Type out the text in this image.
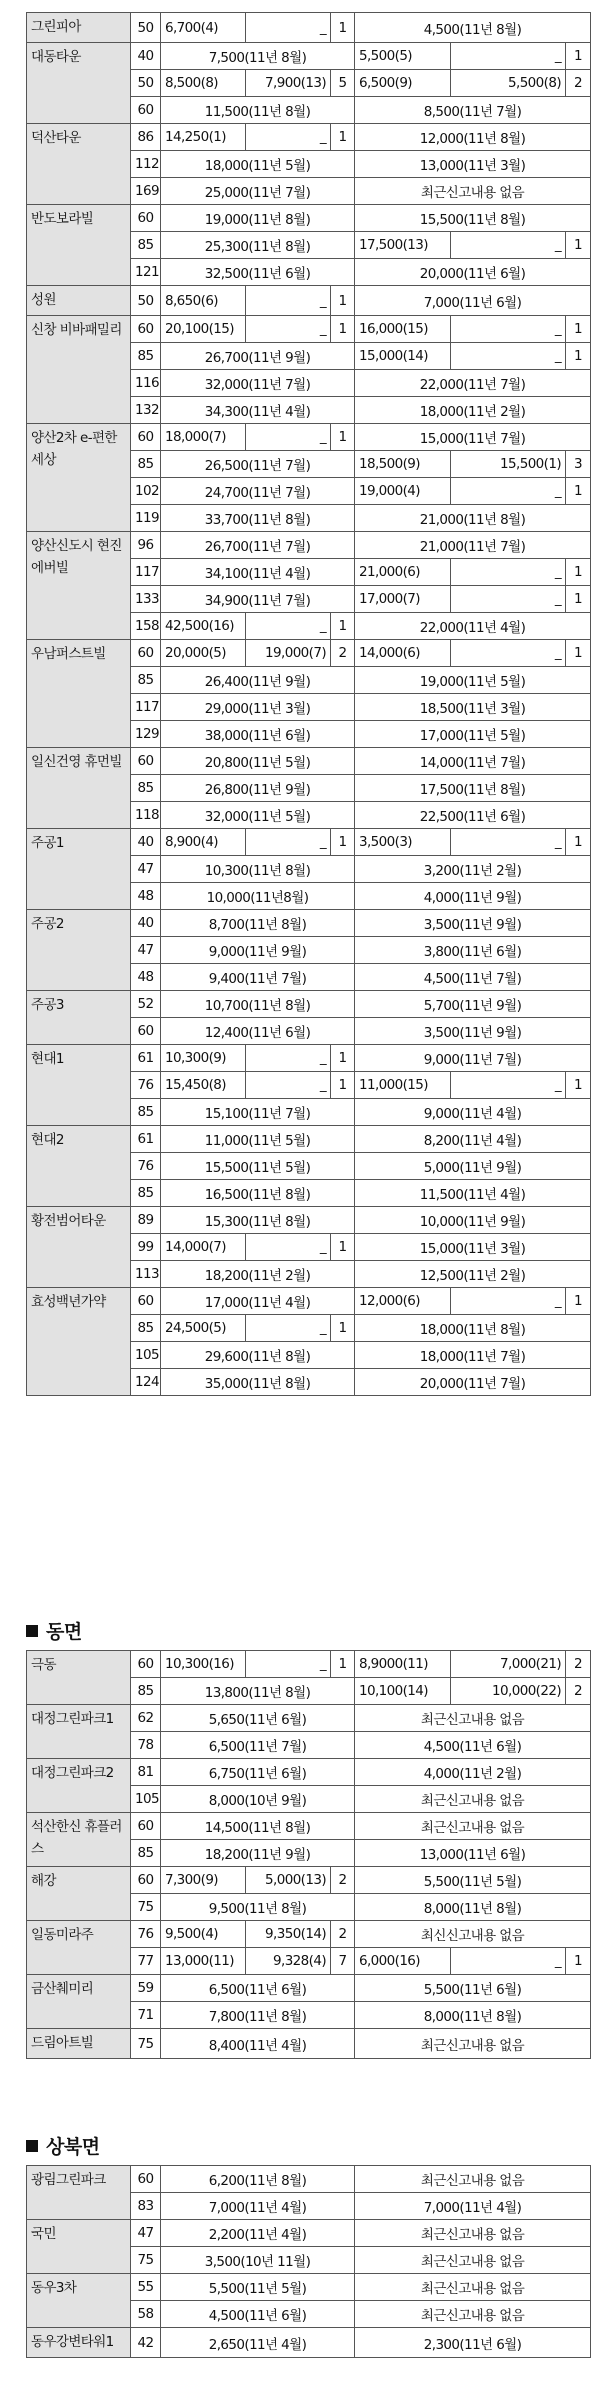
그린피아	50	6,700(4)	_	1	4,500(11년 8월)		
대동타운	40	7,500(11년 8월)			5,500(5)	_	1
	50	8,500(8)	7,900(13)	5	6,500(9)	5,500(8)	2
	60	11,500(11년 8월)			8,500(11년 7월)		
덕산타운	86	14,250(1)	_	1	12,000(11년 8월)		
	112	18,000(11년 5월)			13,000(11년 3월)		
	169	25,000(11년 7월)			최근신고내용 없음		
반도보라빌	60	19,000(11년 8월)			15,500(11년 8월)		
	85	25,300(11년 8월)			17,500(13)	_	1
	121	32,500(11년 6월)			20,000(11년 6월)		
성원	50	8,650(6)	_	1	7,000(11년 6월)		
신창 비바패밀리	60	20,100(15)	_	1	16,000(15)	_	1
	85	26,700(11년 9월)			15,000(14)	_	1
	116	32,000(11년 7월)			22,000(11년 7월)		
	132	34,300(11년 4월)			18,000(11년 2월)		
양산2차 e-편한세상	60	18,000(7)	_	1	15,000(11년 7월)		
	85	26,500(11년 7월)			18,500(9)	15,500(1)	3
	102	24,700(11년 7월)			19,000(4)	_	1
	119	33,700(11년 8월)			21,000(11년 8월)		
양산신도시 현진에버빌	96	26,700(11년 7월)			21,000(11년 7월)		
	117	34,100(11년 4월)			21,000(6)	_	1
	133	34,900(11년 7월)			17,000(7)	_	1
	158	42,500(16)	_	1	22,000(11년 4월)		
우남퍼스트빌	60	20,000(5)	19,000(7)	2	14,000(6)	_	1
	85	26,400(11년 9월)			19,000(11년 5월)		
	117	29,000(11년 3월)			18,500(11년 3월)		
	129	38,000(11년 6월)			17,000(11년 5월)		
일신건영 휴먼빌	60	20,800(11년 5월)			14,000(11년 7월)		
	85	26,800(11년 9월)			17,500(11년 8월)		
	118	32,000(11년 5월)			22,500(11년 6월)		
주공1	40	8,900(4)	_	1	3,500(3)	_	1
	47	10,300(11년 8월)			3,200(11년 2월)		
	48	10,000(11년8월)			4,000(11년 9월)		
주공2	40	8,700(11년 8월)			3,500(11년 9월)		
	47	9,000(11년 9월)			3,800(11년 6월)		
	48	9,400(11년 7월)			4,500(11년 7월)		
주공3	52	10,700(11년 8월)			5,700(11년 9월)		
	60	12,400(11년 6월)			3,500(11년 9월)		
현대1	61	10,300(9)	_	1	9,000(11년 7월)		
	76	15,450(8)	_	1	11,000(15)	_	1
	85	15,100(11년 7월)			9,000(11년 4월)		
현대2	61	11,000(11년 5월)			8,200(11년 4월)		
	76	15,500(11년 5월)			5,000(11년 9월)		
	85	16,500(11년 8월)			11,500(11년 4월)		
황전범어타운	89	15,300(11년 8월)			10,000(11년 9월)		
	99	14,000(7)	_	1	15,000(11년 3월)		
	113	18,200(11년 2월)			12,500(11년 2월)		
효성백년가약	60	17,000(11년 4월)			12,000(6)	_	1
	85	24,500(5)	_	1	18,000(11년 8월)		
	105	29,600(11년 8월)			18,000(11년 7월)		
	124	35,000(11년 8월)			20,000(11년 7월)		
동면
극동	60	10,300(16)	_	1	8,9000(11)	7,000(21)	2
	85	13,800(11년 8월)			10,100(14)	10,000(22)	2
대정그린파크1	62	5,650(11년 6월)			최근신고내용 없음		
	78	6,500(11년 7월)			4,500(11년 6월)		
대정그린파크2	81	6,750(11년 6월)			4,000(11년 2월)		
	105	8,000(10년 9월)			최근신고내용 없음		
석산한신 휴플러스	60	14,500(11년 8월)			최근신고내용 없음		
	85	18,200(11년 9월)			13,000(11년 6월)		
해강	60	7,300(9)	5,000(13)	2	5,500(11년 5월)		
	75	9,500(11년 8월)			8,000(11년 8월)		
일동미라주	76	9,500(4)	9,350(14)	2	최신신고내용 없음		
	77	13,000(11)	9,328(4)	7	6,000(16)	_	1
금산췌미리	59	6,500(11년 6월)			5,500(11년 6월)		
	71	7,800(11년 8월)			8,000(11년 8월)		
드림아트빌	75	8,400(11년 4월)			최근신고내용 없음		
상북면
광림그린파크	60	6,200(11년 8월)	최근신고내용 없음
	83	7,000(11년 4월)	7,000(11년 4월)
국민	47	2,200(11년 4월)	최근신고내용 없음
	75	3,500(10년 11월)	최근신고내용 없음
동우3차	55	5,500(11년 5월)	최근신고내용 없음
	58	4,500(11년 6월)	최근신고내용 없음
동우강변타워1	42	2,650(11년 4월)	2,300(11년 6월)
